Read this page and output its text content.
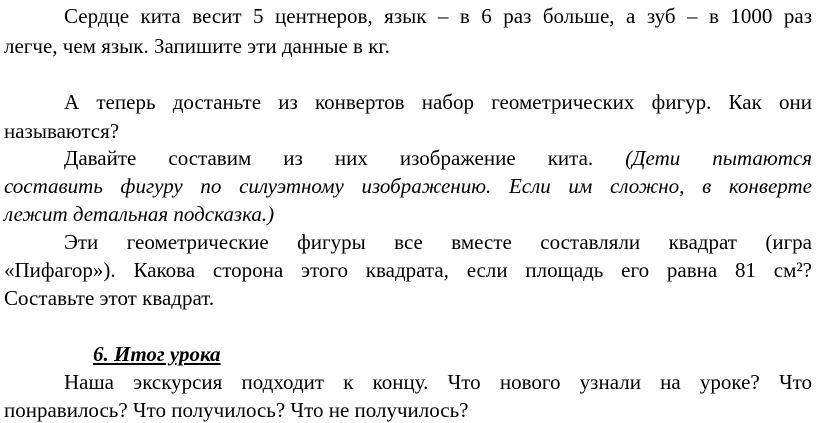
Сердце кита весит 5 центнеров, язык – в 6 раз больше, а зуб – в 1000 раз
легче, чем язык. Запишите эти данные в кг.
А теперь достаньте из конвертов набор геометрических фигур. Как они
называются?
Давайте составим из них изображение кита. (Дети пытаются
составить фигуру по силуэтному изображению. Если им сложно, в конверте
лежит детальная подсказка.)
Эти геометрические фигуры все вместе составляли квадрат (игра
«Пифагор»). Какова сторона этого квадрата, если площадь его равна 81 см²?
Составьте этот квадрат.
6. Итог урока
Наша экскурсия подходит к концу. Что нового узнали на уроке? Что
понравилось? Что получилось? Что не получилось?
